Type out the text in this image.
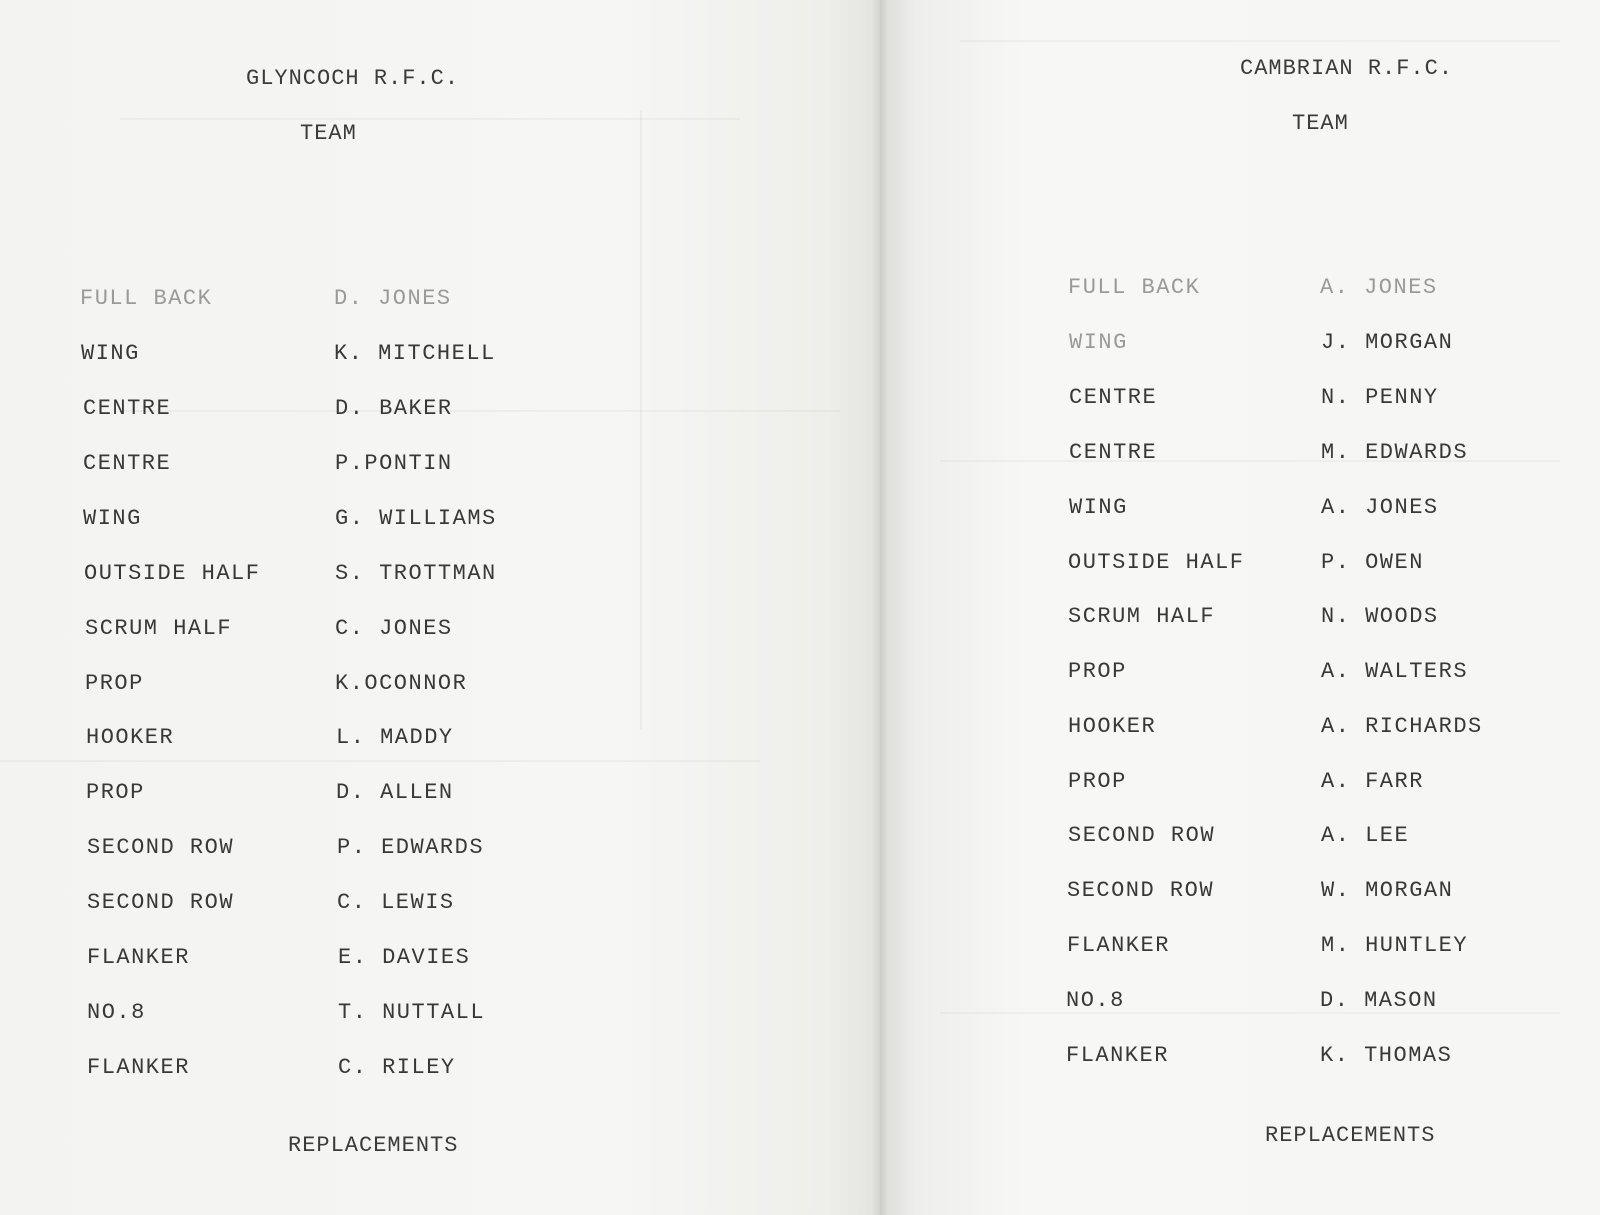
GLYNCOCH R.F.C.
TEAM
FULL BACK	D. JONES
WING	K. MITCHELL
CENTRE	D. BAKER
CENTRE	P.PONTIN
WING	G. WILLIAMS
OUTSIDE HALF	S. TROTTMAN
SCRUM HALF	C. JONES
PROP	K.OCONNOR
HOOKER	L. MADDY
PROP	D. ALLEN
SECOND ROW	P. EDWARDS
SECOND ROW	C. LEWIS
FLANKER	E. DAVIES
NO.8	T. NUTTALL
FLANKER	C. RILEY
REPLACEMENTS
CAMBRIAN R.F.C.
TEAM
FULL BACK	A. JONES
WING	J. MORGAN
CENTRE	N. PENNY
CENTRE	M. EDWARDS
WING	A. JONES
OUTSIDE HALF	P. OWEN
SCRUM HALF	N. WOODS
PROP	A. WALTERS
HOOKER	A. RICHARDS
PROP	A. FARR
SECOND ROW	A. LEE
SECOND ROW	W. MORGAN
FLANKER	M. HUNTLEY
NO.8	D. MASON
FLANKER	K. THOMAS
REPLACEMENTS
